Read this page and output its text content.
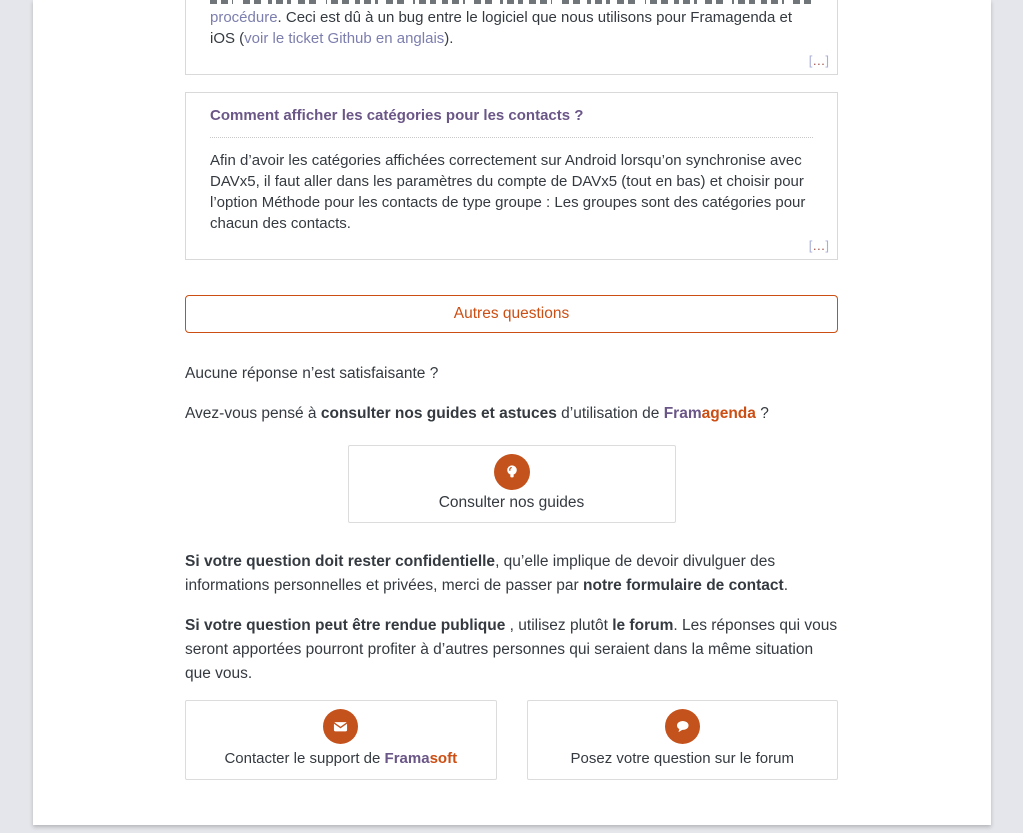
procédure. Ceci est dû à un bug entre le logiciel que nous utilisons pour Framagenda et iOS (voir le ticket Github en anglais).

[…]
Comment afficher les catégories pour les contacts ?

Afin d’avoir les catégories affichées correctement sur Android lorsqu’on synchronise avec DAVx5, il faut aller dans les paramètres du compte de DAVx5 (tout en bas) et choisir pour l’option Méthode pour les contacts de type groupe : Les groupes sont des catégories pour chacun des contacts.

[…]
Autres questions

Aucune réponse n’est satisfaisante ?

Avez-vous pensé à consulter nos guides et astuces d’utilisation de Framagenda ?

Consulter nos guides

Si votre question doit rester confidentielle, qu’elle implique de devoir divulguer des informations personnelles et privées, merci de passer par notre formulaire de contact.

Si votre question peut être rendue publique , utilisez plutôt le forum. Les réponses qui vous seront apportées pourront profiter à d’autres personnes qui seraient dans la même situation que vous.

Contacter le support de Framasoft	Posez votre question sur le forum
